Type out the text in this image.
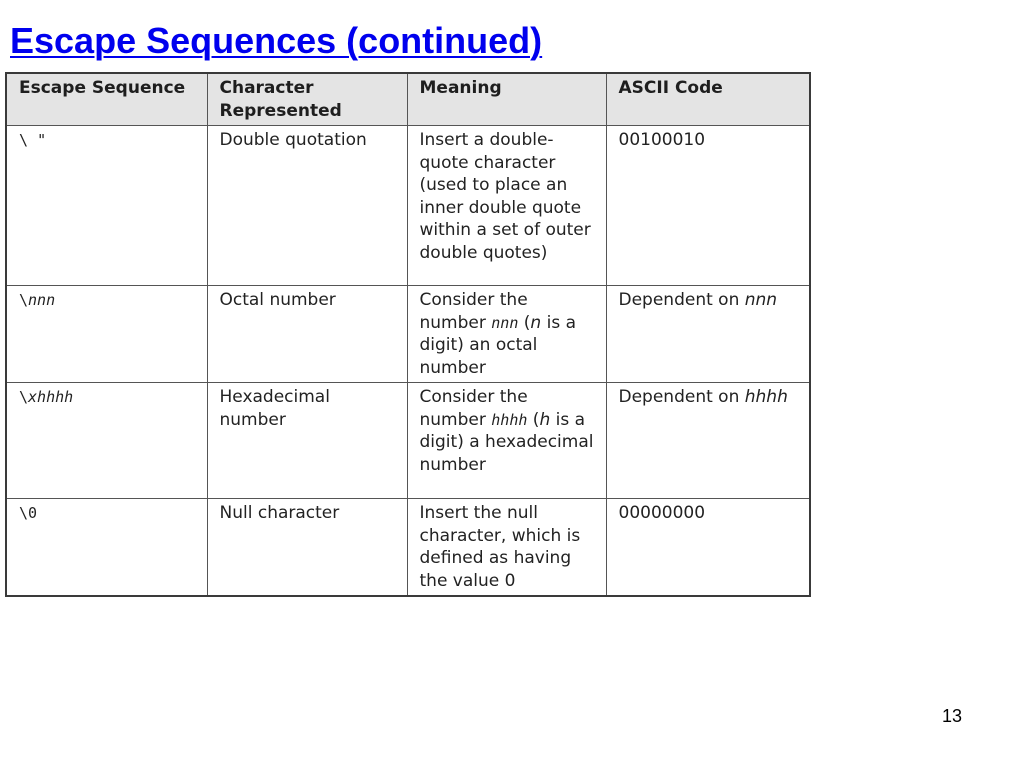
Escape Sequences (continued)
Escape Sequence	Character Represented	Meaning	ASCII Code
\ "	Double quotation	Insert a double-quote character (used to place an inner double quote within a set of outer double quotes)	00100010
\nnn	Octal number	Consider the number nnn (n is a digit) an octal number	Dependent on nnn
\xhhhh	Hexadecimal number	Consider the number hhhh (h is a digit) a hexadecimal number	Dependent on hhhh
\0	Null character	Insert the null character, which is defined as having the value 0	00000000
13
